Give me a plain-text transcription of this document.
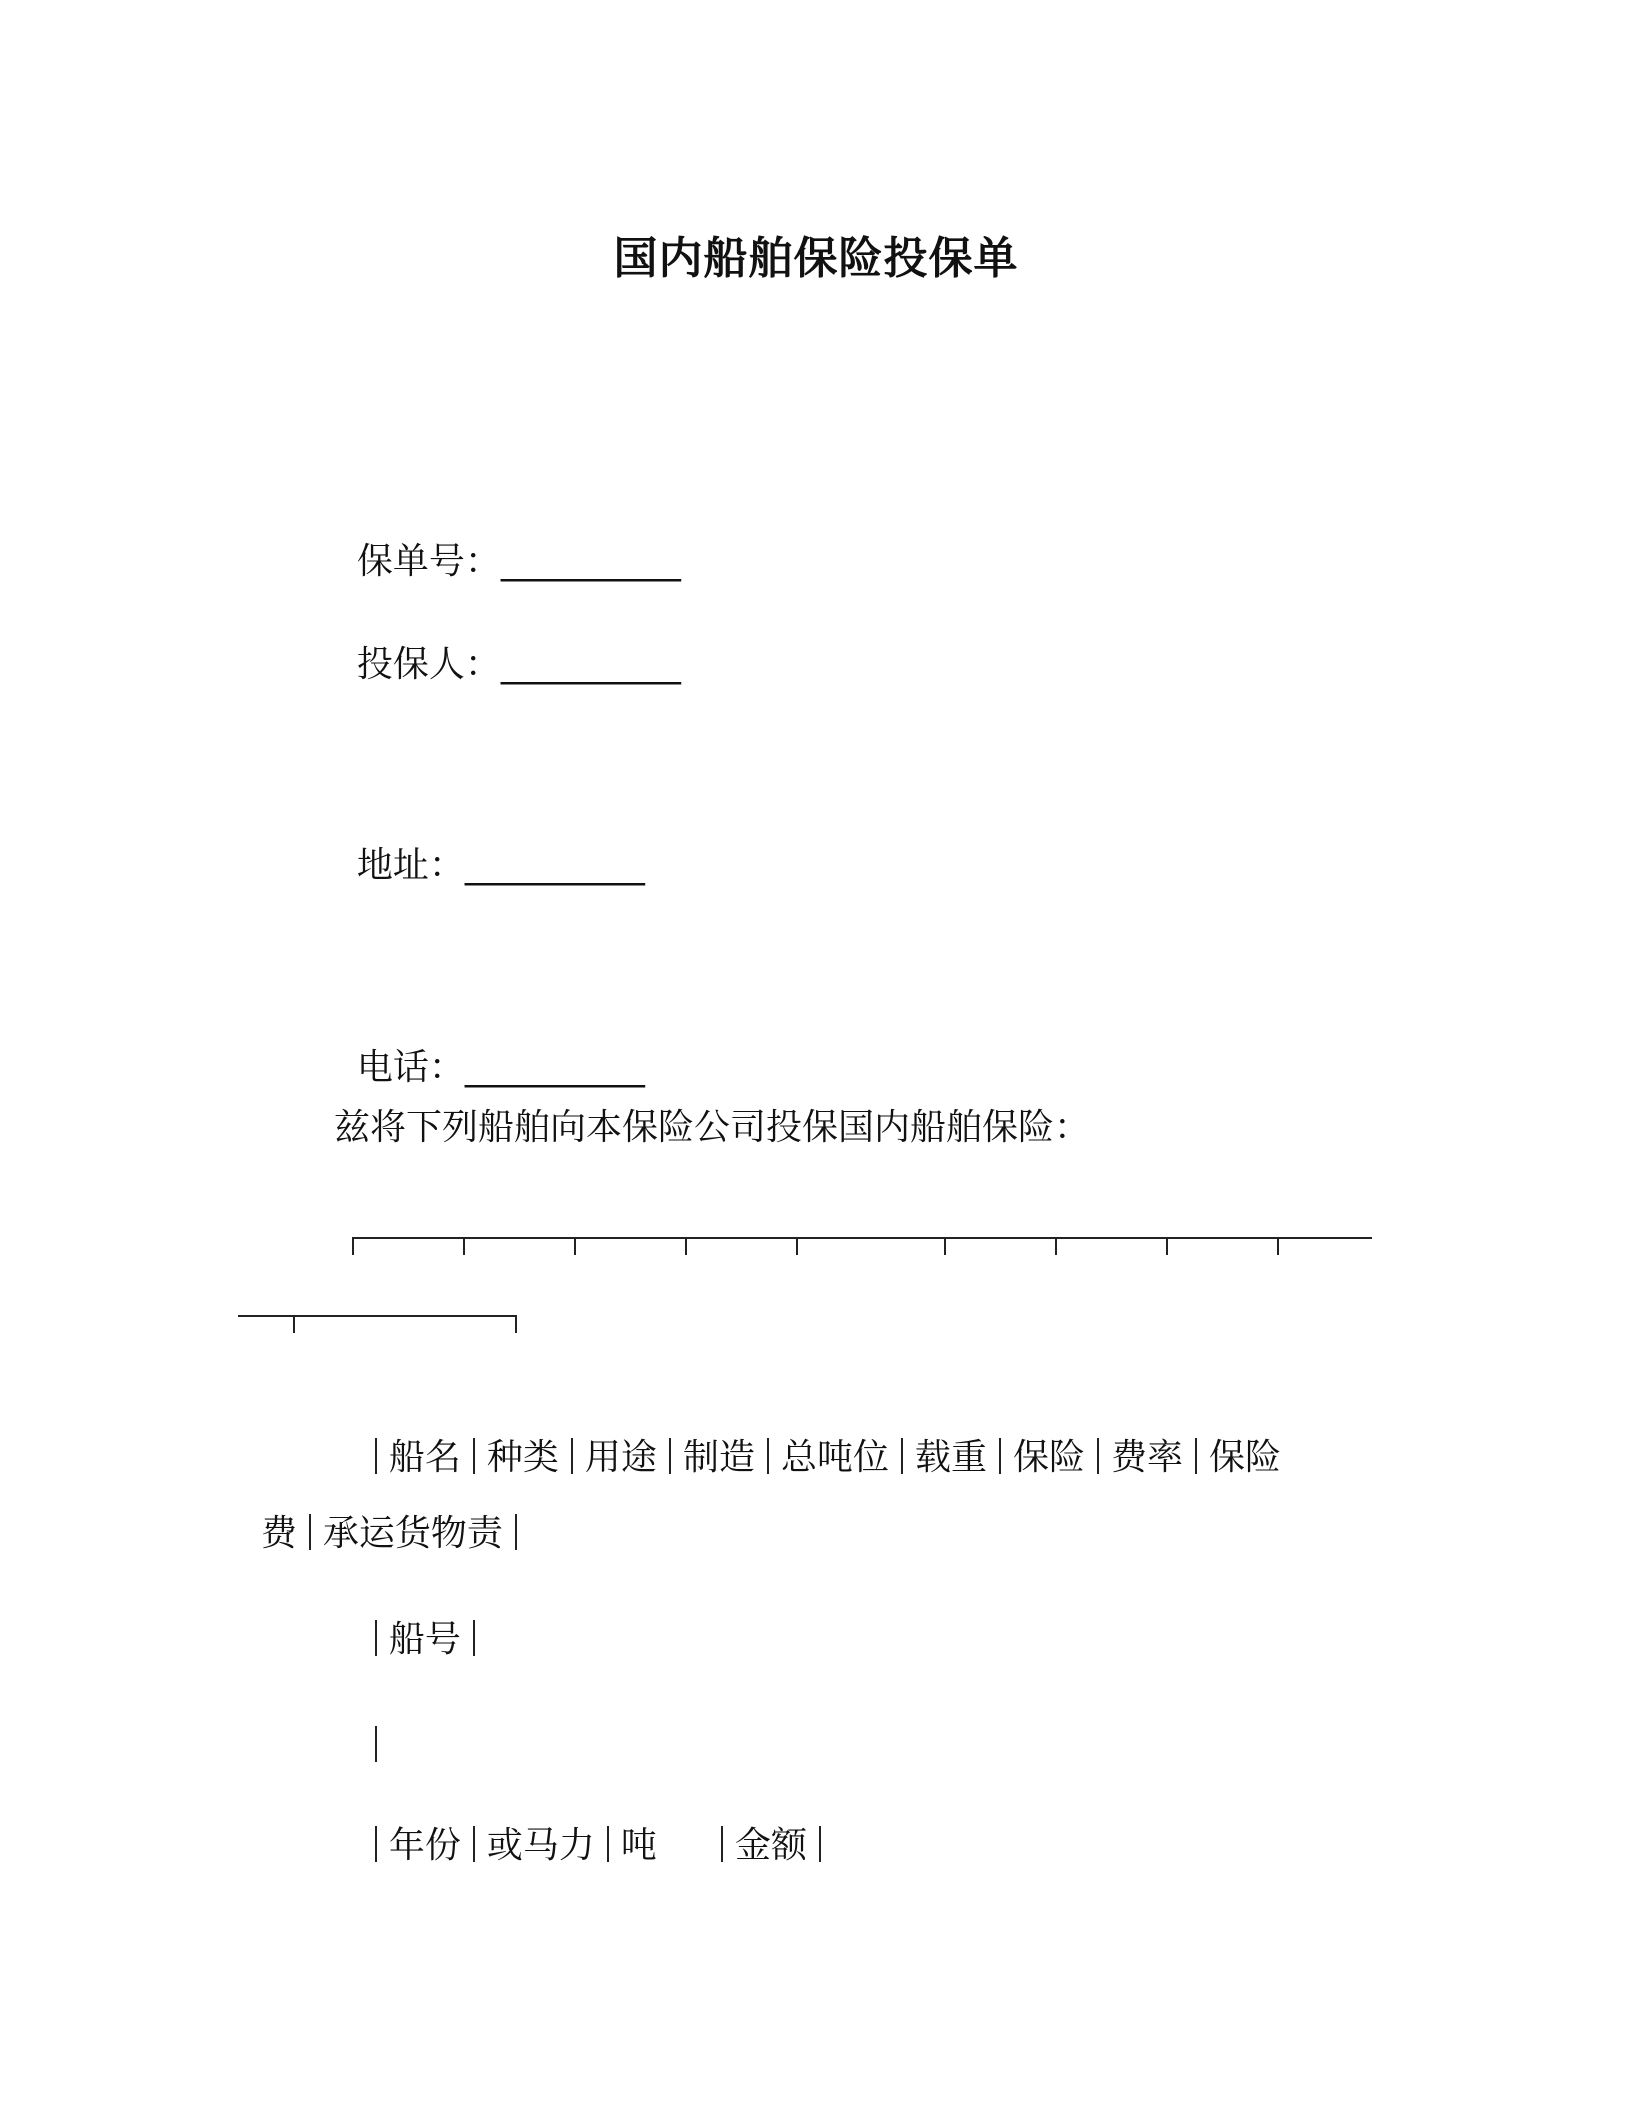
国内船舶保险投保单

保单号：__________

投保人：__________

地址：__________

电话：__________

兹将下列船舶向本保险公司投保国内船舶保险：

船名 种类 用途 制造 总吨位 载重 保险 费率 保险

费 承运货物责

船号

年份 或马力 吨 金额
